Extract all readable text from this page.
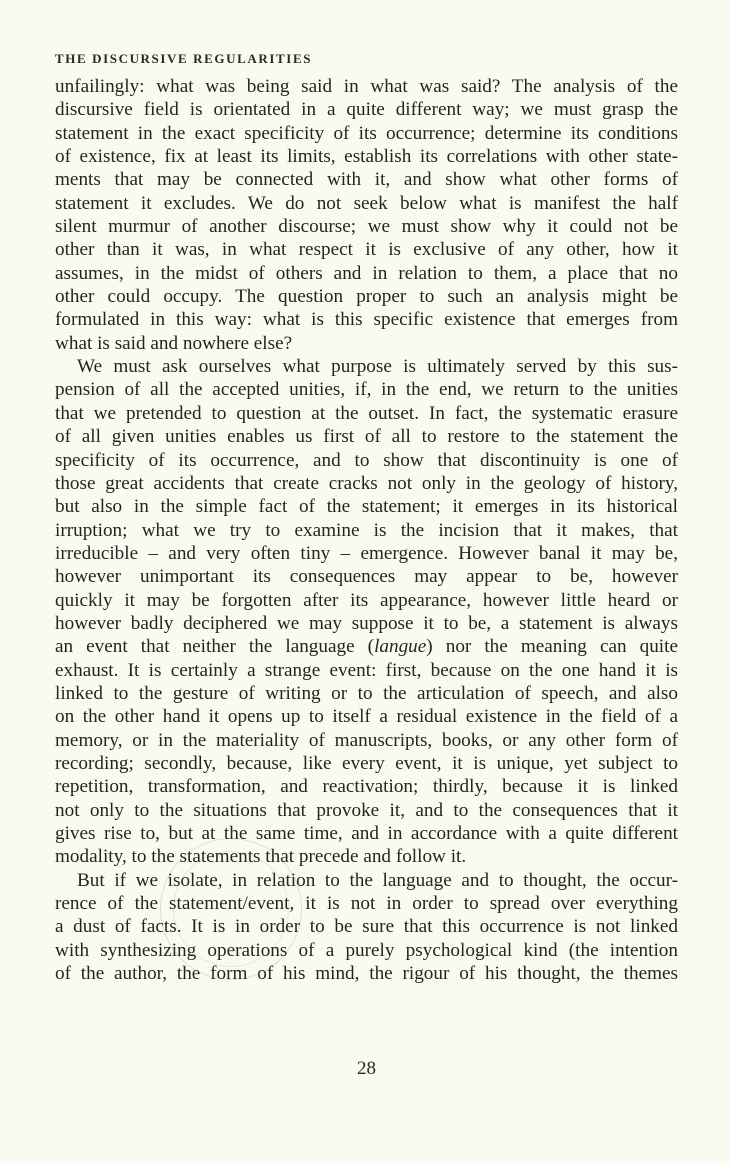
THE DISCURSIVE REGULARITIES
unfailingly: what was being said in what was said? The analysis of the
discursive field is orientated in a quite different way; we must grasp the
statement in the exact specificity of its occurrence; determine its conditions
of existence, fix at least its limits, establish its correlations with other state-
ments that may be connected with it, and show what other forms of
statement it excludes. We do not seek below what is manifest the half
silent murmur of another discourse; we must show why it could not be
other than it was, in what respect it is exclusive of any other, how it
assumes, in the midst of others and in relation to them, a place that no
other could occupy. The question proper to such an analysis might be
formulated in this way: what is this specific existence that emerges from
what is said and nowhere else?
We must ask ourselves what purpose is ultimately served by this sus-
pension of all the accepted unities, if, in the end, we return to the unities
that we pretended to question at the outset. In fact, the systematic erasure
of all given unities enables us first of all to restore to the statement the
specificity of its occurrence, and to show that discontinuity is one of
those great accidents that create cracks not only in the geology of history,
but also in the simple fact of the statement; it emerges in its historical
irruption; what we try to examine is the incision that it makes, that
irreducible – and very often tiny – emergence. However banal it may be,
however unimportant its consequences may appear to be, however
quickly it may be forgotten after its appearance, however little heard or
however badly deciphered we may suppose it to be, a statement is always
an event that neither the language (langue) nor the meaning can quite
exhaust. It is certainly a strange event: first, because on the one hand it is
linked to the gesture of writing or to the articulation of speech, and also
on the other hand it opens up to itself a residual existence in the field of a
memory, or in the materiality of manuscripts, books, or any other form of
recording; secondly, because, like every event, it is unique, yet subject to
repetition, transformation, and reactivation; thirdly, because it is linked
not only to the situations that provoke it, and to the consequences that it
gives rise to, but at the same time, and in accordance with a quite different
modality, to the statements that precede and follow it.
But if we isolate, in relation to the language and to thought, the occur-
rence of the statement/event, it is not in order to spread over everything
a dust of facts. It is in order to be sure that this occurrence is not linked
with synthesizing operations of a purely psychological kind (the intention
of the author, the form of his mind, the rigour of his thought, the themes
28
